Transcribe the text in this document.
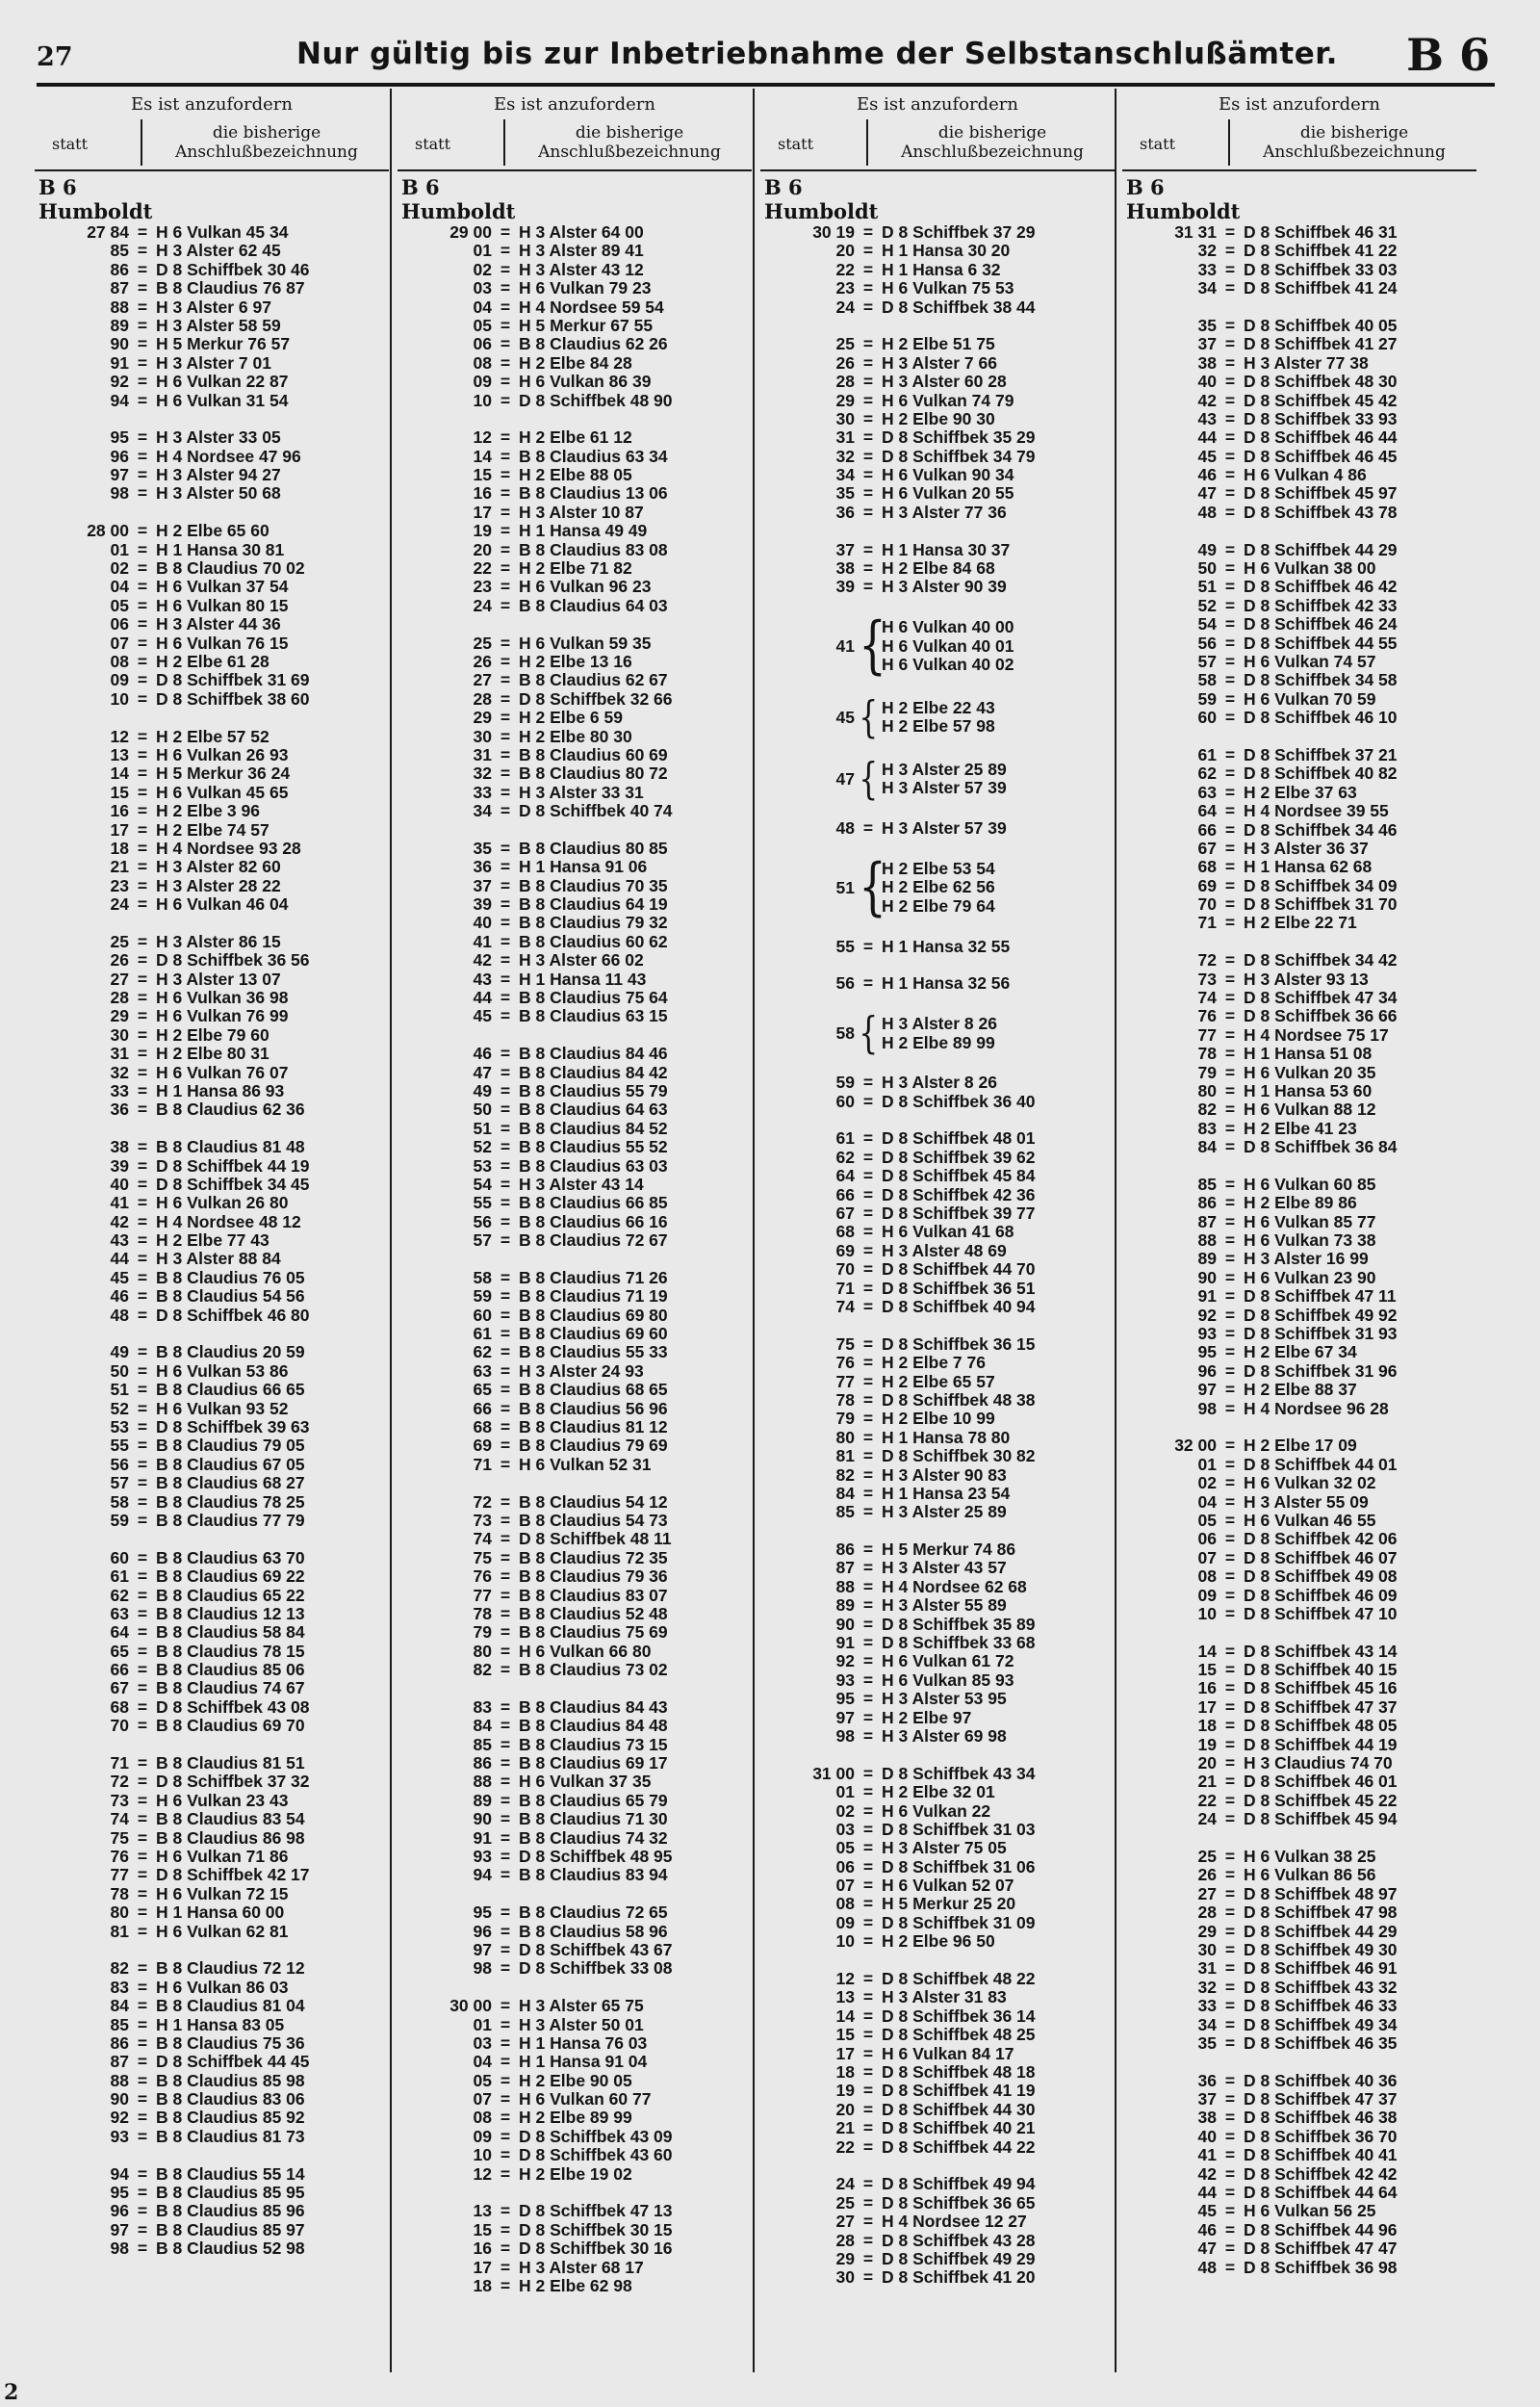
27	Nur gültig bis zur Inbetriebnahme der Selbstanschlußämter. B 6
Es ist anzufordern
statt
die bisherige Anschlußbezeichnung
B 6
Humboldt
27 84 = H 6 Vulkan 45 34
85 = H 3 Alster 62 45
86 = D 8 Schiffbek 30 46
87 = B 8 Claudius 76 87
88 = H 3 Alster 6 97
89 = H 3 Alster 58 59
90 = H 5 Merkur 76 57
91 = H 3 Alster 7 01
92 = H 6 Vulkan 22 87
94 = H 6 Vulkan 31 54
95 = H 3 Alster 33 05
96 = H 4 Nordsee 47 96
97 = H 3 Alster 94 27
98 = H 3 Alster 50 68
28 00 = H 2 Elbe 65 60
01 = H 1 Hansa 30 81
02 = B 8 Claudius 70 02
04 = H 6 Vulkan 37 54
05 = H 6 Vulkan 80 15
06 = H 3 Alster 44 36
07 = H 6 Vulkan 76 15
08 = H 2 Elbe 61 28
09 = D 8 Schiffbek 31 69
10 = D 8 Schiffbek 38 60
12 = H 2 Elbe 57 52
13 = H 6 Vulkan 26 93
14 = H 5 Merkur 36 24
15 = H 6 Vulkan 45 65
16 = H 2 Elbe 3 96
17 = H 2 Elbe 74 57
18 = H 4 Nordsee 93 28
21 = H 3 Alster 82 60
23 = H 3 Alster 28 22
24 = H 6 Vulkan 46 04
25 = H 3 Alster 86 15
26 = D 8 Schiffbek 36 56
27 = H 3 Alster 13 07
28 = H 6 Vulkan 36 98
29 = H 6 Vulkan 76 99
30 = H 2 Elbe 79 60
31 = H 2 Elbe 80 31
32 = H 6 Vulkan 76 07
33 = H 1 Hansa 86 93
36 = B 8 Claudius 62 36
38 = B 8 Claudius 81 48
39 = D 8 Schiffbek 44 19
40 = D 8 Schiffbek 34 45
41 = H 6 Vulkan 26 80
42 = H 4 Nordsee 48 12
43 = H 2 Elbe 77 43
44 = H 3 Alster 88 84
45 = B 8 Claudius 76 05
46 = B 8 Claudius 54 56
48 = D 8 Schiffbek 46 80
49 = B 8 Claudius 20 59
50 = H 6 Vulkan 53 86
51 = B 8 Claudius 66 65
52 = H 6 Vulkan 93 52
53 = D 8 Schiffbek 39 63
55 = B 8 Claudius 79 05
56 = B 8 Claudius 67 05
57 = B 8 Claudius 68 27
58 = B 8 Claudius 78 25
59 = B 8 Claudius 77 79
60 = B 8 Claudius 63 70
61 = B 8 Claudius 69 22
62 = B 8 Claudius 65 22
63 = B 8 Claudius 12 13
64 = B 8 Claudius 58 84
65 = B 8 Claudius 78 15
66 = B 8 Claudius 85 06
67 = B 8 Claudius 74 67
68 = D 8 Schiffbek 43 08
70 = B 8 Claudius 69 70
71 = B 8 Claudius 81 51
72 = D 8 Schiffbek 37 32
73 = H 6 Vulkan 23 43
74 = B 8 Claudius 83 54
75 = B 8 Claudius 86 98
76 = H 6 Vulkan 71 86
77 = D 8 Schiffbek 42 17
78 = H 6 Vulkan 72 15
80 = H 1 Hansa 60 00
81 = H 6 Vulkan 62 81
82 = B 8 Claudius 72 12
83 = H 6 Vulkan 86 03
84 = B 8 Claudius 81 04
85 = H 1 Hansa 83 05
86 = B 8 Claudius 75 36
87 = D 8 Schiffbek 44 45
88 = B 8 Claudius 85 98
90 = B 8 Claudius 83 06
92 = B 8 Claudius 85 92
93 = B 8 Claudius 81 73
94 = B 8 Claudius 55 14
95 = B 8 Claudius 85 95
96 = B 8 Claudius 85 96
97 = B 8 Claudius 85 97
98 = B 8 Claudius 52 98
Es ist anzufordern
statt
die bisherige Anschlußbezeichnung
B 6
Humboldt
29 00 = H 3 Alster 64 00
01 = H 3 Alster 89 41
02 = H 3 Alster 43 12
03 = H 6 Vulkan 79 23
04 = H 4 Nordsee 59 54
05 = H 5 Merkur 67 55
06 = B 8 Claudius 62 26
08 = H 2 Elbe 84 28
09 = H 6 Vulkan 86 39
10 = D 8 Schiffbek 48 90
12 = H 2 Elbe 61 12
14 = B 8 Claudius 63 34
15 = H 2 Elbe 88 05
16 = B 8 Claudius 13 06
17 = H 3 Alster 10 87
19 = H 1 Hansa 49 49
20 = B 8 Claudius 83 08
22 = H 2 Elbe 71 82
23 = H 6 Vulkan 96 23
24 = B 8 Claudius 64 03
25 = H 6 Vulkan 59 35
26 = H 2 Elbe 13 16
27 = B 8 Claudius 62 67
28 = D 8 Schiffbek 32 66
29 = H 2 Elbe 6 59
30 = H 2 Elbe 80 30
31 = B 8 Claudius 60 69
32 = B 8 Claudius 80 72
33 = H 3 Alster 33 31
34 = D 8 Schiffbek 40 74
35 = B 8 Claudius 80 85
36 = H 1 Hansa 91 06
37 = B 8 Claudius 70 35
39 = B 8 Claudius 64 19
40 = B 8 Claudius 79 32
41 = B 8 Claudius 60 62
42 = H 3 Alster 66 02
43 = H 1 Hansa 11 43
44 = B 8 Claudius 75 64
45 = B 8 Claudius 63 15
46 = B 8 Claudius 84 46
47 = B 8 Claudius 84 42
49 = B 8 Claudius 55 79
50 = B 8 Claudius 64 63
51 = B 8 Claudius 84 52
52 = B 8 Claudius 55 52
53 = B 8 Claudius 63 03
54 = H 3 Alster 43 14
55 = B 8 Claudius 66 85
56 = B 8 Claudius 66 16
57 = B 8 Claudius 72 67
58 = B 8 Claudius 71 26
59 = B 8 Claudius 71 19
60 = B 8 Claudius 69 80
61 = B 8 Claudius 69 60
62 = B 8 Claudius 55 33
63 = H 3 Alster 24 93
65 = B 8 Claudius 68 65
66 = B 8 Claudius 56 96
68 = B 8 Claudius 81 12
69 = B 8 Claudius 79 69
71 = H 6 Vulkan 52 31
72 = B 8 Claudius 54 12
73 = B 8 Claudius 54 73
74 = D 8 Schiffbek 48 11
75 = B 8 Claudius 72 35
76 = B 8 Claudius 79 36
77 = B 8 Claudius 83 07
78 = B 8 Claudius 52 48
79 = B 8 Claudius 75 69
80 = H 6 Vulkan 66 80
82 = B 8 Claudius 73 02
83 = B 8 Claudius 84 43
84 = B 8 Claudius 84 48
85 = B 8 Claudius 73 15
86 = B 8 Claudius 69 17
88 = H 6 Vulkan 37 35
89 = B 8 Claudius 65 79
90 = B 8 Claudius 71 30
91 = B 8 Claudius 74 32
93 = D 8 Schiffbek 48 95
94 = B 8 Claudius 83 94
95 = B 8 Claudius 72 65
96 = B 8 Claudius 58 96
97 = D 8 Schiffbek 43 67
98 = D 8 Schiffbek 33 08
30 00 = H 3 Alster 65 75
01 = H 3 Alster 50 01
03 = H 1 Hansa 76 03
04 = H 1 Hansa 91 04
05 = H 2 Elbe 90 05
07 = H 6 Vulkan 60 77
08 = H 2 Elbe 89 99
09 = D 8 Schiffbek 43 09
10 = D 8 Schiffbek 43 60
12 = H 2 Elbe 19 02
13 = D 8 Schiffbek 47 13
15 = D 8 Schiffbek 30 15
16 = D 8 Schiffbek 30 16
17 = H 3 Alster 68 17
18 = H 2 Elbe 62 98
Es ist anzufordern
statt
die bisherige Anschlußbezeichnung
B 6
Humboldt
30 19 = D 8 Schiffbek 37 29
20 = H 1 Hansa 30 20
22 = H 1 Hansa 6 32
23 = H 6 Vulkan 75 53
24 = D 8 Schiffbek 38 44
25 = H 2 Elbe 51 75
26 = H 3 Alster 7 66
28 = H 3 Alster 60 28
29 = H 6 Vulkan 74 79
30 = H 2 Elbe 90 30
31 = D 8 Schiffbek 35 29
32 = D 8 Schiffbek 34 79
34 = H 6 Vulkan 90 34
35 = H 6 Vulkan 20 55
36 = H 3 Alster 77 36
37 = H 1 Hansa 30 37
38 = H 2 Elbe 84 68
39 = H 3 Alster 90 39
41 {
H 6 Vulkan 40 00
H 6 Vulkan 40 01
H 6 Vulkan 40 02
45 { H 2 Elbe 22 43
H 2 Elbe 57 98
47 { H 3 Alster 25 89
H 3 Alster 57 39
48 = H 3 Alster 57 39
51 {
H 2 Elbe 53 54
H 2 Elbe 62 56
H 2 Elbe 79 64
55 = H 1 Hansa 32 55
56 = H 1 Hansa 32 56
58 { H 3 Alster 8 26
H 2 Elbe 89 99
59 = H 3 Alster 8 26
60 = D 8 Schiffbek 36 40
61 = D 8 Schiffbek 48 01
62 = D 8 Schiffbek 39 62
64 = D 8 Schiffbek 45 84
66 = D 8 Schiffbek 42 36
67 = D 8 Schiffbek 39 77
68 = H 6 Vulkan 41 68
69 = H 3 Alster 48 69
70 = D 8 Schiffbek 44 70
71 = D 8 Schiffbek 36 51
74 = D 8 Schiffbek 40 94
75 = D 8 Schiffbek 36 15
76 = H 2 Elbe 7 76
77 = H 2 Elbe 65 57
78 = D 8 Schiffbek 48 38
79 = H 2 Elbe 10 99
80 = H 1 Hansa 78 80
81 = D 8 Schiffbek 30 82
82 = H 3 Alster 90 83
84 = H 1 Hansa 23 54
85 = H 3 Alster 25 89
86 = H 5 Merkur 74 86
87 = H 3 Alster 43 57
88 = H 4 Nordsee 62 68
89 = H 3 Alster 55 89
90 = D 8 Schiffbek 35 89
91 = D 8 Schiffbek 33 68
92 = H 6 Vulkan 61 72
93 = H 6 Vulkan 85 93
95 = H 3 Alster 53 95
97 = H 2 Elbe 97
98 = H 3 Alster 69 98
31 00 = D 8 Schiffbek 43 34
01 = H 2 Elbe 32 01
02 = H 6 Vulkan 22
03 = D 8 Schiffbek 31 03
05 = H 3 Alster 75 05
06 = D 8 Schiffbek 31 06
07 = H 6 Vulkan 52 07
08 = H 5 Merkur 25 20
09 = D 8 Schiffbek 31 09
10 = H 2 Elbe 96 50
12 = D 8 Schiffbek 48 22
13 = H 3 Alster 31 83
14 = D 8 Schiffbek 36 14
15 = D 8 Schiffbek 48 25
17 = H 6 Vulkan 84 17
18 = D 8 Schiffbek 48 18
19 = D 8 Schiffbek 41 19
20 = D 8 Schiffbek 44 30
21 = D 8 Schiffbek 40 21
22 = D 8 Schiffbek 44 22
24 = D 8 Schiffbek 49 94
25 = D 8 Schiffbek 36 65
27 = H 4 Nordsee 12 27
28 = D 8 Schiffbek 43 28
29 = D 8 Schiffbek 49 29
30 = D 8 Schiffbek 41 20
Es ist anzufordern
statt
die bisherige Anschlußbezeichnung
B 6
Humboldt
31 31 = D 8 Schiffbek 46 31
32 = D 8 Schiffbek 41 22
33 = D 8 Schiffbek 33 03
34 = D 8 Schiffbek 41 24
35 = D 8 Schiffbek 40 05
37 = D 8 Schiffbek 41 27
38 = H 3 Alster 77 38
40 = D 8 Schiffbek 48 30
42 = D 8 Schiffbek 45 42
43 = D 8 Schiffbek 33 93
44 = D 8 Schiffbek 46 44
45 = D 8 Schiffbek 46 45
46 = H 6 Vulkan 4 86
47 = D 8 Schiffbek 45 97
48 = D 8 Schiffbek 43 78
49 = D 8 Schiffbek 44 29
50 = H 6 Vulkan 38 00
51 = D 8 Schiffbek 46 42
52 = D 8 Schiffbek 42 33
54 = D 8 Schiffbek 46 24
56 = D 8 Schiffbek 44 55
57 = H 6 Vulkan 74 57
58 = D 8 Schiffbek 34 58
59 = H 6 Vulkan 70 59
60 = D 8 Schiffbek 46 10
61 = D 8 Schiffbek 37 21
62 = D 8 Schiffbek 40 82
63 = H 2 Elbe 37 63
64 = H 4 Nordsee 39 55
66 = D 8 Schiffbek 34 46
67 = H 3 Alster 36 37
68 = H 1 Hansa 62 68
69 = D 8 Schiffbek 34 09
70 = D 8 Schiffbek 31 70
71 = H 2 Elbe 22 71
72 = D 8 Schiffbek 34 42
73 = H 3 Alster 93 13
74 = D 8 Schiffbek 47 34
76 = D 8 Schiffbek 36 66
77 = H 4 Nordsee 75 17
78 = H 1 Hansa 51 08
79 = H 6 Vulkan 20 35
80 = H 1 Hansa 53 60
82 = H 6 Vulkan 88 12
83 = H 2 Elbe 41 23
84 = D 8 Schiffbek 36 84
85 = H 6 Vulkan 60 85
86 = H 2 Elbe 89 86
87 = H 6 Vulkan 85 77
88 = H 6 Vulkan 73 38
89 = H 3 Alster 16 99
90 = H 6 Vulkan 23 90
91 = D 8 Schiffbek 47 11
92 = D 8 Schiffbek 49 92
93 = D 8 Schiffbek 31 93
95 = H 2 Elbe 67 34
96 = D 8 Schiffbek 31 96
97 = H 2 Elbe 88 37
98 = H 4 Nordsee 96 28
32 00 = H 2 Elbe 17 09
01 = D 8 Schiffbek 44 01
02 = H 6 Vulkan 32 02
04 = H 3 Alster 55 09
05 = H 6 Vulkan 46 55
06 = D 8 Schiffbek 42 06
07 = D 8 Schiffbek 46 07
08 = D 8 Schiffbek 49 08
09 = D 8 Schiffbek 46 09
10 = D 8 Schiffbek 47 10
14 = D 8 Schiffbek 43 14
15 = D 8 Schiffbek 40 15
16 = D 8 Schiffbek 45 16
17 = D 8 Schiffbek 47 37
18 = D 8 Schiffbek 48 05
19 = D 8 Schiffbek 44 19
20 = H 3 Claudius 74 70
21 = D 8 Schiffbek 46 01
22 = D 8 Schiffbek 45 22
24 = D 8 Schiffbek 45 94
25 = H 6 Vulkan 38 25
26 = H 6 Vulkan 86 56
27 = D 8 Schiffbek 48 97
28 = D 8 Schiffbek 47 98
29 = D 8 Schiffbek 44 29
30 = D 8 Schiffbek 49 30
31 = D 8 Schiffbek 46 91
32 = D 8 Schiffbek 43 32
33 = D 8 Schiffbek 46 33
34 = D 8 Schiffbek 49 34
35 = D 8 Schiffbek 46 35
36 = D 8 Schiffbek 40 36
37 = D 8 Schiffbek 47 37
38 = D 8 Schiffbek 46 38
40 = D 8 Schiffbek 36 70
41 = D 8 Schiffbek 40 41
42 = D 8 Schiffbek 42 42
44 = D 8 Schiffbek 44 64
45 = H 6 Vulkan 56 25
46 = D 8 Schiffbek 44 96
47 = D 8 Schiffbek 47 47
48 = D 8 Schiffbek 36 98
2
